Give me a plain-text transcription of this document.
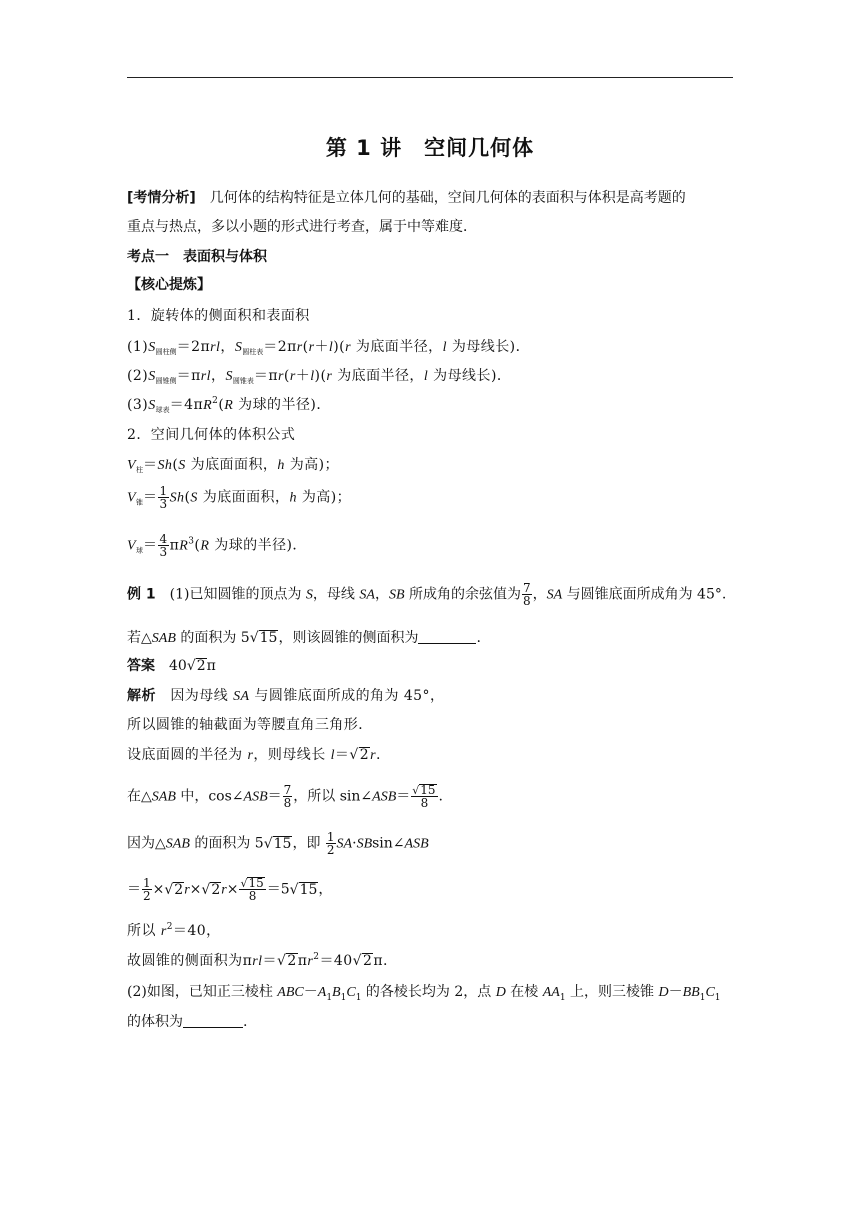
第 1 讲　空间几何体
[考情分析]　几何体的结构特征是立体几何的基础，空间几何体的表面积与体积是高考题的
重点与热点，多以小题的形式进行考查，属于中等难度．
考点一　表面积与体积
【核心提炼】
1．旋转体的侧面积和表面积
$(1)S_{圆柱侧}=2\pi rl$，$S_{圆柱表}=2\pi r(r+l)(r$ 为底面半径，l 为母线长)．
$(2)S_{圆锥侧}=\pi rl$，$S_{圆锥表}=\pi r(r+l)(r$ 为底面半径，l 为母线长)．
$(3)S_{球表}=4\pi R^2(R$ 为球的半径)．
2．空间几何体的体积公式
$V_柱=Sh(S$ 为底面面积，h 为高)；
$V_锥= \frac{1}{3} Sh(S$ 为底面面积，h 为高)；
$V_球= \frac{4}{3} \pi R^3(R$ 为球的半径)．
例 1　(1)已知圆锥的顶点为 S，母线 SA，SB 所成角的余弦值为 $\frac{7}{8}$ ，SA 与圆锥底面所成角为 45°.
若△SAB 的面积为 5 √ 15 ，则该圆锥的侧面积为	.
答案　40 √ 2 π
解析　因为母线 SA 与圆锥底面所成的角为 45°，
所以圆锥的轴截面为等腰直角三角形．
设底面圆的半径为 r，则母线长 l＝ √ 2 r.
在△SAB 中，cos∠ASB＝ $\frac{7}{8}$ ，所以 sin∠ASB＝ $\frac{√ 15}{8}$ .
因为△SAB 的面积为 5 √ 15 ，即 $\frac{1}{2}$ SA·SBsin∠ASB
＝ $\frac{1}{2}$ × √ 2 r× √ 2 $r\times \frac{√ 15}{8} =5$ √ 15 ，
所以 $r^2=40$，
故圆锥的侧面积为πrl＝ √ 2 $\pi r^2=40$ √ 2 π.
(2)如图，已知正三棱柱 $ABC-A_1B_1C_1$ 的各棱长均为 2，点 D 在棱 $AA_1$ 上，则三棱锥 $D-BB_1C_1$
的体积为	.
